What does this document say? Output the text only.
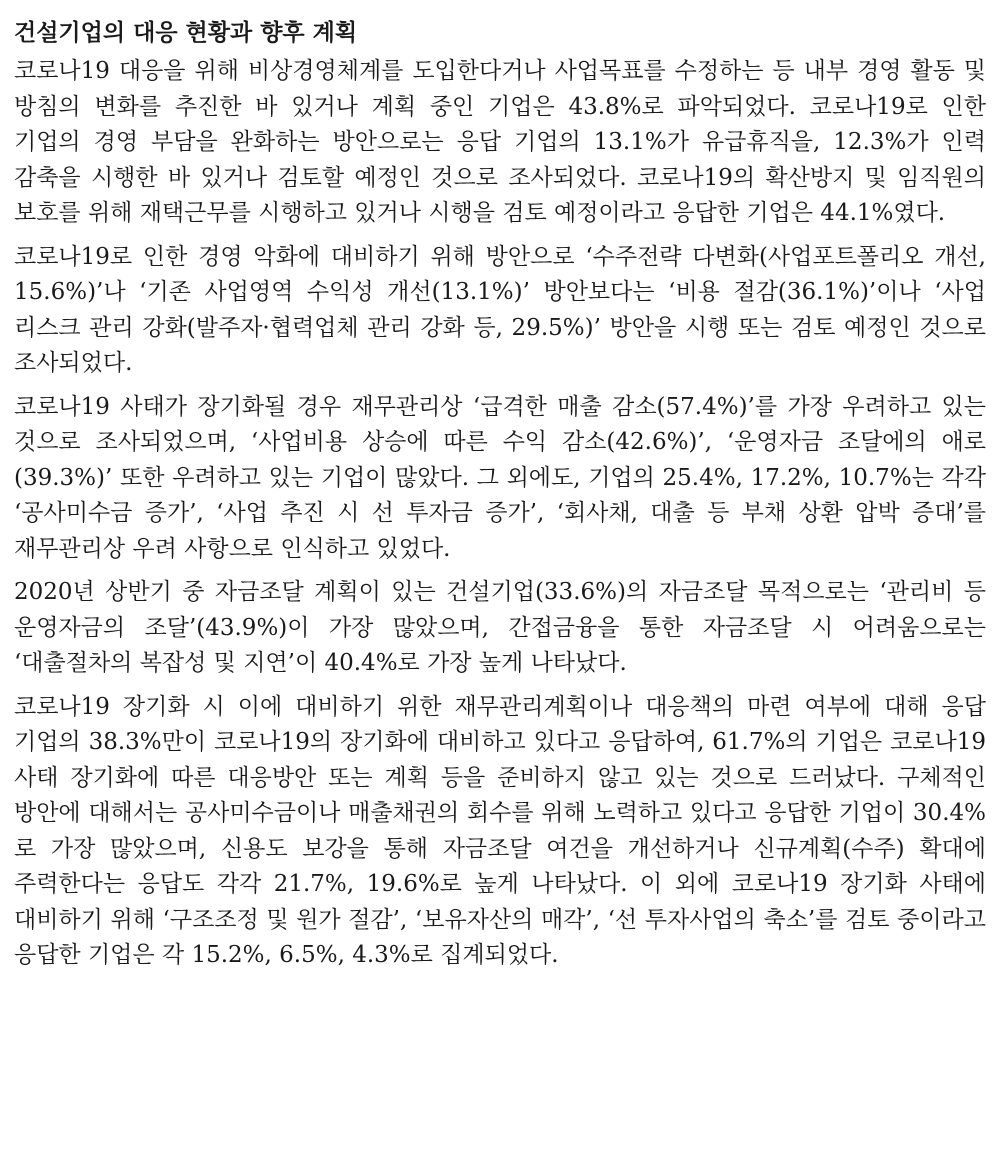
건설기업의 대응 현황과 향후 계획

코로나19 대응을 위해 비상경영체계를 도입한다거나 사업목표를 수정하는 등 내부 경영 활동 및 방침의 변화를 추진한 바 있거나 계획 중인 기업은 43.8%로 파악되었다. 코로나19로 인한 기업의 경영 부담을 완화하는 방안으로는 응답 기업의 13.1%가 유급휴직을, 12.3%가 인력 감축을 시행한 바 있거나 검토할 예정인 것으로 조사되었다. 코로나19의 확산방지 및 임직원의 보호를 위해 재택근무를 시행하고 있거나 시행을 검토 예정이라고 응답한 기업은 44.1%였다.

코로나19로 인한 경영 악화에 대비하기 위해 방안으로 ‘수주전략 다변화(사업포트폴리오 개선, 15.6%)’나 ‘기존 사업영역 수익성 개선(13.1%)’ 방안보다는 ‘비용 절감(36.1%)’이나 ‘사업 리스크 관리 강화(발주자·협력업체 관리 강화 등, 29.5%)’ 방안을 시행 또는 검토 예정인 것으로 조사되었다.

코로나19 사태가 장기화될 경우 재무관리상 ‘급격한 매출 감소(57.4%)’를 가장 우려하고 있는 것으로 조사되었으며, ‘사업비용 상승에 따른 수익 감소(42.6%)’, ‘운영자금 조달에의 애로(39.3%)’ 또한 우려하고 있는 기업이 많았다. 그 외에도, 기업의 25.4%, 17.2%, 10.7%는 각각 ‘공사미수금 증가’, ‘사업 추진 시 선 투자금 증가’, ‘회사채, 대출 등 부채 상환 압박 증대’를 재무관리상 우려 사항으로 인식하고 있었다.

2020년 상반기 중 자금조달 계획이 있는 건설기업(33.6%)의 자금조달 목적으로는 ‘관리비 등 운영자금의 조달’(43.9%)이 가장 많았으며, 간접금융을 통한 자금조달 시 어려움으로는 ‘대출절차의 복잡성 및 지연’이 40.4%로 가장 높게 나타났다.

코로나19 장기화 시 이에 대비하기 위한 재무관리계획이나 대응책의 마련 여부에 대해 응답 기업의 38.3%만이 코로나19의 장기화에 대비하고 있다고 응답하여, 61.7%의 기업은 코로나19 사태 장기화에 따른 대응방안 또는 계획 등을 준비하지 않고 있는 것으로 드러났다. 구체적인 방안에 대해서는 공사미수금이나 매출채권의 회수를 위해 노력하고 있다고 응답한 기업이 30.4%로 가장 많았으며, 신용도 보강을 통해 자금조달 여건을 개선하거나 신규계획(수주) 확대에 주력한다는 응답도 각각 21.7%, 19.6%로 높게 나타났다. 이 외에 코로나19 장기화 사태에 대비하기 위해 ‘구조조정 및 원가 절감’, ‘보유자산의 매각’, ‘선 투자사업의 축소’를 검토 중이라고 응답한 기업은 각 15.2%, 6.5%, 4.3%로 집계되었다.
